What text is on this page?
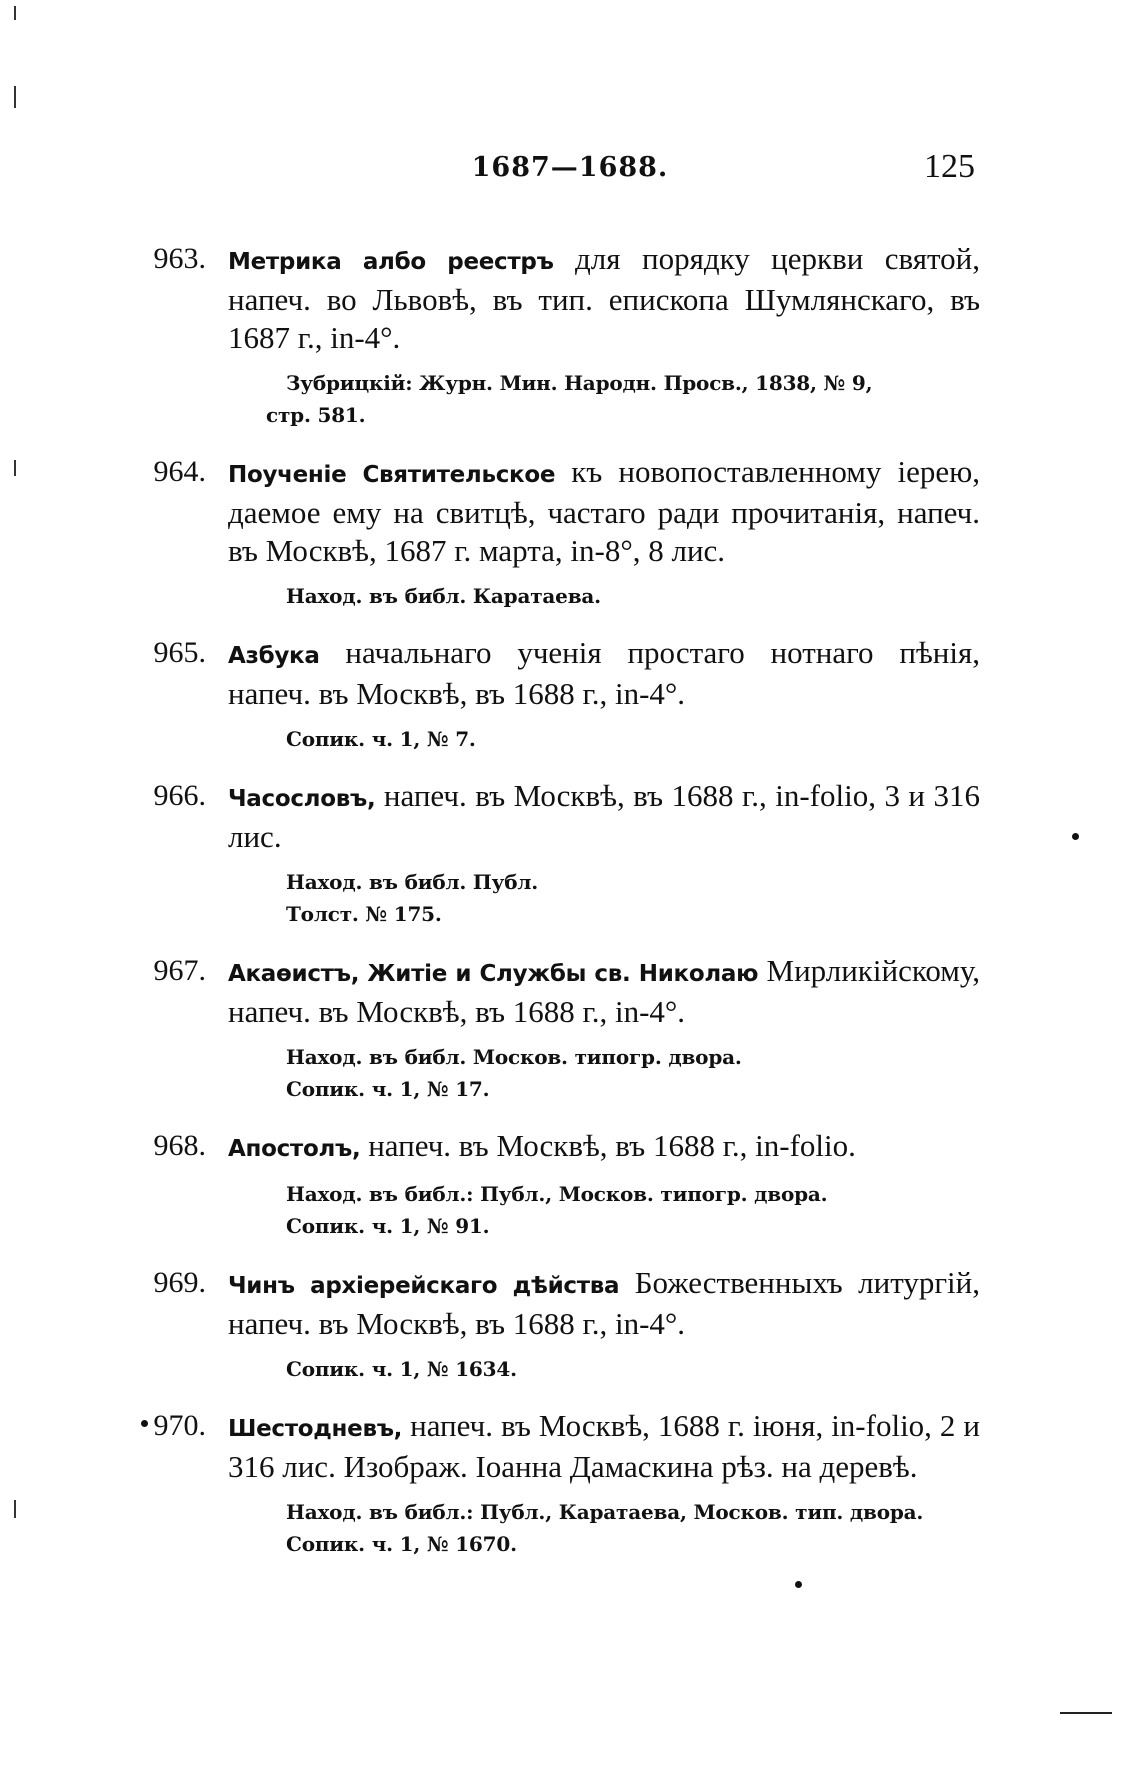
1687—1688.	125
963. Метрика албо реестръ для порядку церкви святой, напеч. во Львовѣ, въ тип. епископа Шумлянскаго, въ 1687 г., in-4°.
Зубрицкій: Журн. Мин. Народн. Просв., 1838, № 9,
стр. 581.
964. Поученіе Святительское къ новопоставленному іерею, даемое ему на свитцѣ, частаго ради прочитанія, напеч. въ Москвѣ, 1687 г. марта, in-8°, 8 лис.
Наход. въ библ. Каратаева.
965. Азбука начальнаго ученія простаго нотнаго пѣнія, напеч. въ Москвѣ, въ 1688 г., in-4°.
Сопик. ч. 1, № 7.
966. Часословъ, напеч. въ Москвѣ, въ 1688 г., in-folio, 3 и 316 лис.
Наход. въ библ. Публ.
Толст. № 175.
967. Акаѳистъ, Житіе и Службы св. Николаю Мирликійскому, напеч. въ Москвѣ, въ 1688 г., in-4°.
Наход. въ библ. Москов. типогр. двора.
Сопик. ч. 1, № 17.
968. Апостолъ, напеч. въ Москвѣ, въ 1688 г., in-folio.
Наход. въ библ.: Публ., Москов. типогр. двора.
Сопик. ч. 1, № 91.
969. Чинъ архіерейскаго дѣйства Божественныхъ литургій, напеч. въ Москвѣ, въ 1688 г., in-4°.
Сопик. ч. 1, № 1634.
970. Шестодневъ, напеч. въ Москвѣ, 1688 г. іюня, in-folio, 2 и 316 лис. Изображ. Іоанна Дамаскина рѣз. на деревѣ.
Наход. въ библ.: Публ., Каратаева, Москов. тип. двора.
Сопик. ч. 1, № 1670.
